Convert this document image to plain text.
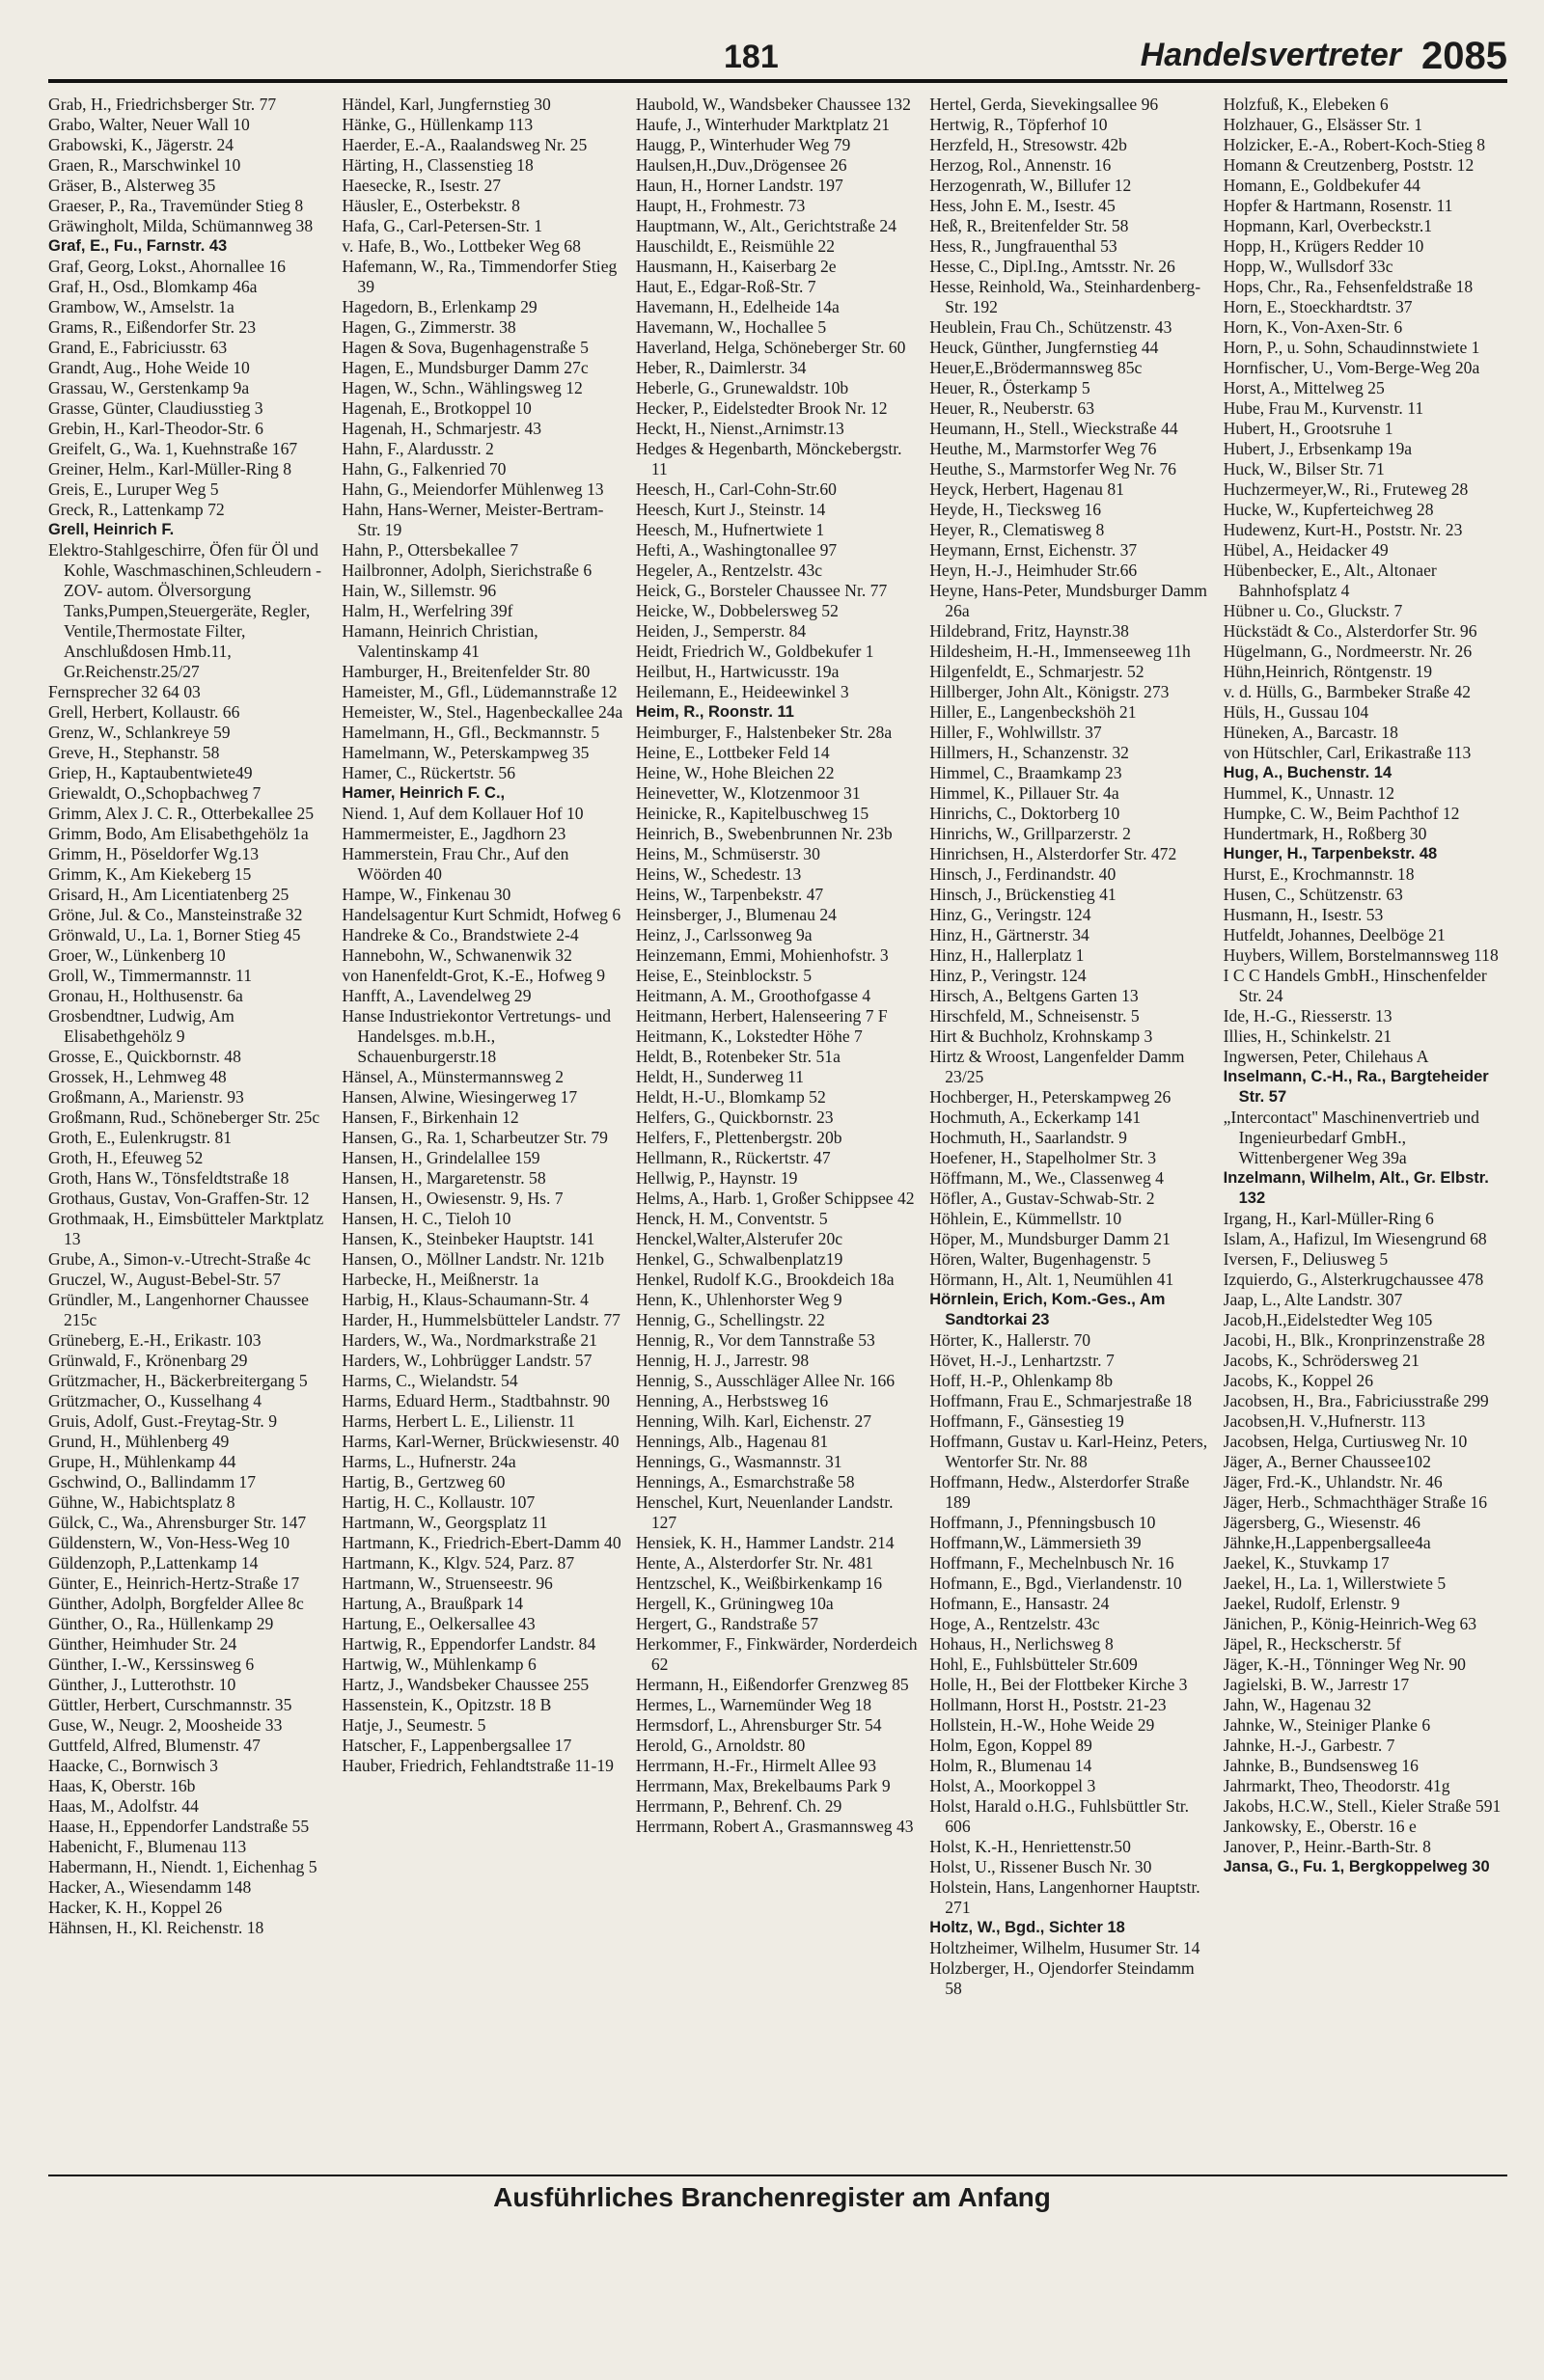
181	Handelsvertreter 2085

Grab, H., Friedrichsberger Str. 77

Grabo, Walter, Neuer Wall 10

Grabowski, K., Jägerstr. 24

Graen, R., Marschwinkel 10

Gräser, B., Alsterweg 35

Graeser, P., Ra., Travemünder Stieg 8

Gräwingholt, Milda, Schümannweg 38

Graf, E., Fu., Farnstr. 43

Graf, Georg, Lokst., Ahornallee 16

Graf, H., Osd., Blomkamp 46a

Grambow, W., Amselstr. 1a

Grams, R., Eißendorfer Str. 23

Grand, E., Fabriciusstr. 63

Grandt, Aug., Hohe Weide 10

Grassau, W., Gerstenkamp 9a

Grasse, Günter, Claudiusstieg 3

Grebin, H., Karl-Theodor-Str. 6

Greifelt, G., Wa. 1, Kuehnstraße 167

Greiner, Helm., Karl-Müller-Ring 8

Greis, E., Luruper Weg 5

Greck, R., Lattenkamp 72

Grell, Heinrich F.

Elektro-Stahlgeschirre, Öfen für Öl und Kohle, Waschmaschinen,Schleudern -ZOV- autom. Ölversorgung Tanks,Pumpen,Steuergeräte, Regler, Ventile,Thermostate Filter, Anschlußdosen Hmb.11, Gr.Reichenstr.25/27

Fernsprecher 32 64 03

Grell, Herbert, Kollaustr. 66

Grenz, W., Schlankreye 59

Greve, H., Stephanstr. 58

Griep, H., Kaptaubentwiete49

Griewaldt, O.,Schopbachweg 7

Grimm, Alex J. C. R., Otterbekallee 25

Grimm, Bodo, Am Elisabethgehölz 1a

Grimm, H., Pöseldorfer Wg.13

Grimm, K., Am Kiekeberg 15

Grisard, H., Am Licentiatenberg 25

Gröne, Jul. & Co., Mansteinstraße 32

Grönwald, U., La. 1, Borner Stieg 45

Groer, W., Lünkenberg 10

Groll, W., Timmermannstr. 11

Gronau, H., Holthusenstr. 6a

Grosbendtner, Ludwig, Am Elisabethgehölz 9

Grosse, E., Quickbornstr. 48

Grossek, H., Lehmweg 48

Großmann, A., Marienstr. 93

Großmann, Rud., Schöneberger Str. 25c

Groth, E., Eulenkrugstr. 81

Groth, H., Efeuweg 52

Groth, Hans W., Tönsfeldtstraße 18

Grothaus, Gustav, Von-Graffen-Str. 12

Grothmaak, H., Eimsbütteler Marktplatz 13

Grube, A., Simon-v.-Utrecht-Straße 4c

Gruczel, W., August-Bebel-Str. 57

Gründler, M., Langenhorner Chaussee 215c

Grüneberg, E.-H., Erikastr. 103

Grünwald, F., Krönenbarg 29

Grützmacher, H., Bäckerbreitergang 5

Grützmacher, O., Kusselhang 4

Gruis, Adolf, Gust.-Freytag-Str. 9

Grund, H., Mühlenberg 49

Grupe, H., Mühlenkamp 44

Gschwind, O., Ballindamm 17

Gühne, W., Habichtsplatz 8

Gülck, C., Wa., Ahrensburger Str. 147

Güldenstern, W., Von-Hess-Weg 10

Güldenzoph, P.,Lattenkamp 14

Günter, E., Heinrich-Hertz-Straße 17

Günther, Adolph, Borgfelder Allee 8c

Günther, O., Ra., Hüllenkamp 29

Günther, Heimhuder Str. 24

Günther, I.-W., Kerssinsweg 6

Günther, J., Lutterothstr. 10

Güttler, Herbert, Curschmannstr. 35

Guse, W., Neugr. 2, Moosheide 33

Guttfeld, Alfred, Blumenstr. 47

Haacke, C., Bornwisch 3

Haas, K, Oberstr. 16b

Haas, M., Adolfstr. 44

Haase, H., Eppendorfer Landstraße 55

Habenicht, F., Blumenau 113

Habermann, H., Niendt. 1, Eichenhag 5

Hacker, A., Wiesendamm 148

Hacker, K. H., Koppel 26

Hähnsen, H., Kl. Reichenstr. 18

Händel, Karl, Jungfernstieg 30

Hänke, G., Hüllenkamp 113

Haerder, E.-A., Raalandsweg Nr. 25

Härting, H., Classenstieg 18

Haesecke, R., Isestr. 27

Häusler, E., Osterbekstr. 8

Hafa, G., Carl-Petersen-Str. 1

v. Hafe, B., Wo., Lottbeker Weg 68

Hafemann, W., Ra., Timmendorfer Stieg 39

Hagedorn, B., Erlenkamp 29

Hagen, G., Zimmerstr. 38

Hagen & Sova, Bugenhagenstraße 5

Hagen, E., Mundsburger Damm 27c

Hagen, W., Schn., Wählingsweg 12

Hagenah, E., Brotkoppel 10

Hagenah, H., Schmarjestr. 43

Hahn, F., Alardusstr. 2

Hahn, G., Falkenried 70

Hahn, G., Meiendorfer Mühlenweg 13

Hahn, Hans-Werner, Meister-Bertram-Str. 19

Hahn, P., Ottersbekallee 7

Hailbronner, Adolph, Sierichstraße 6

Hain, W., Sillemstr. 96

Halm, H., Werfelring 39f

Hamann, Heinrich Christian, Valentinskamp 41

Hamburger, H., Breitenfelder Str. 80

Hameister, M., Gfl., Lüdemannstraße 12

Hemeister, W., Stel., Hagenbeckallee 24a

Hamelmann, H., Gfl., Beckmannstr. 5

Hamelmann, W., Peterskampweg 35

Hamer, C., Rückertstr. 56

Hamer, Heinrich F. C.,

Niend. 1, Auf dem Kollauer Hof 10

Hammermeister, E., Jagdhorn 23

Hammerstein, Frau Chr., Auf den Wöörden 40

Hampe, W., Finkenau 30

Handelsagentur Kurt Schmidt, Hofweg 6

Handreke & Co., Brandstwiete 2-4

Hannebohn, W., Schwanenwik 32

von Hanenfeldt-Grot, K.-E., Hofweg 9

Hanfft, A., Lavendelweg 29

Hanse Industriekontor Vertretungs- und Handelsges. m.b.H., Schauenburgerstr.18

Hänsel, A., Münstermannsweg 2

Hansen, Alwine, Wiesingerweg 17

Hansen, F., Birkenhain 12

Hansen, G., Ra. 1, Scharbeutzer Str. 79

Hansen, H., Grindelallee 159

Hansen, H., Margaretenstr. 58

Hansen, H., Owiesenstr. 9, Hs. 7

Hansen, H. C., Tieloh 10

Hansen, K., Steinbeker Hauptstr. 141

Hansen, O., Möllner Landstr. Nr. 121b

Harbecke, H., Meißnerstr. 1a

Harbig, H., Klaus-Schaumann-Str. 4

Harder, H., Hummelsbütteler Landstr. 77

Harders, W., Wa., Nordmarkstraße 21

Harders, W., Lohbrügger Landstr. 57

Harms, C., Wielandstr. 54

Harms, Eduard Herm., Stadtbahnstr. 90

Harms, Herbert L. E., Lilienstr. 11

Harms, Karl-Werner, Brückwiesenstr. 40

Harms, L., Hufnerstr. 24a

Hartig, B., Gertzweg 60

Hartig, H. C., Kollaustr. 107

Hartmann, W., Georgsplatz 11

Hartmann, K., Friedrich-Ebert-Damm 40

Hartmann, K., Klgv. 524, Parz. 87

Hartmann, W., Struenseestr. 96

Hartung, A., Braußpark 14

Hartung, E., Oelkersallee 43

Hartwig, R., Eppendorfer Landstr. 84

Hartwig, W., Mühlenkamp 6

Hartz, J., Wandsbeker Chaussee 255

Hassenstein, K., Opitzstr. 18 B

Hatje, J., Seumestr. 5

Hatscher, F., Lappenbergsallee 17

Hauber, Friedrich, Fehlandtstraße 11-19

Haubold, W., Wandsbeker Chaussee 132

Haufe, J., Winterhuder Marktplatz 21

Haugg, P., Winterhuder Weg 79

Haulsen,H.,Duv.,Drögensee 26

Haun, H., Horner Landstr. 197

Haupt, H., Frohmestr. 73

Hauptmann, W., Alt., Gerichtstraße 24

Hauschildt, E., Reismühle 22

Hausmann, H., Kaiserbarg 2e

Haut, E., Edgar-Roß-Str. 7

Havemann, H., Edelheide 14a

Havemann, W., Hochallee 5

Haverland, Helga, Schöneberger Str. 60

Heber, R., Daimlerstr. 34

Heberle, G., Grunewaldstr. 10b

Hecker, P., Eidelstedter Brook Nr. 12

Heckt, H., Nienst.,Arnimstr.13

Hedges & Hegenbarth, Mönckebergstr. 11

Heesch, H., Carl-Cohn-Str.60

Heesch, Kurt J., Steinstr. 14

Heesch, M., Hufnertwiete 1

Hefti, A., Washingtonallee 97

Hegeler, A., Rentzelstr. 43c

Heick, G., Borsteler Chaussee Nr. 77

Heicke, W., Dobbelersweg 52

Heiden, J., Semperstr. 84

Heidt, Friedrich W., Goldbekufer 1

Heilbut, H., Hartwicusstr. 19a

Heilemann, E., Heideewinkel 3

Heim, R., Roonstr. 11

Heimburger, F., Halstenbeker Str. 28a

Heine, E., Lottbeker Feld 14

Heine, W., Hohe Bleichen 22

Heinevetter, W., Klotzenmoor 31

Heinicke, R., Kapitelbuschweg 15

Heinrich, B., Swebenbrunnen Nr. 23b

Heins, M., Schmüserstr. 30

Heins, W., Schedestr. 13

Heins, W., Tarpenbekstr. 47

Heinsberger, J., Blumenau 24

Heinz, J., Carlssonweg 9a

Heinzemann, Emmi, Mohienhofstr. 3

Heise, E., Steinblockstr. 5

Heitmann, A. M., Groothofgasse 4

Heitmann, Herbert, Halenseering 7 F

Heitmann, K., Lokstedter Höhe 7

Heldt, B., Rotenbeker Str. 51a

Heldt, H., Sunderweg 11

Heldt, H.-U., Blomkamp 52

Helfers, G., Quickbornstr. 23

Helfers, F., Plettenbergstr. 20b

Hellmann, R., Rückertstr. 47

Hellwig, P., Haynstr. 19

Helms, A., Harb. 1, Großer Schippsee 42

Henck, H. M., Conventstr. 5

Henckel,Walter,Alsterufer 20c

Henkel, G., Schwalbenplatz19

Henkel, Rudolf K.G., Brookdeich 18a

Henn, K., Uhlenhorster Weg 9

Hennig, G., Schellingstr. 22

Hennig, R., Vor dem Tannstraße 53

Hennig, H. J., Jarrestr. 98

Hennig, S., Ausschläger Allee Nr. 166

Henning, A., Herbstsweg 16

Henning, Wilh. Karl, Eichenstr. 27

Hennings, Alb., Hagenau 81

Hennings, G., Wasmannstr. 31

Hennings, A., Esmarchstraße 58

Henschel, Kurt, Neuenlander Landstr. 127

Hensiek, K. H., Hammer Landstr. 214

Hente, A., Alsterdorfer Str. Nr. 481

Hentzschel, K., Weißbirkenkamp 16

Hergell, K., Grüningweg 10a

Hergert, G., Randstraße 57

Herkommer, F., Finkwärder, Norderdeich 62

Hermann, H., Eißendorfer Grenzweg 85

Hermes, L., Warnemünder Weg 18

Hermsdorf, L., Ahrensburger Str. 54

Herold, G., Arnoldstr. 80

Herrmann, H.-Fr., Hirmelt Allee 93

Herrmann, Max, Brekelbaums Park 9

Herrmann, P., Behrenf. Ch. 29

Herrmann, Robert A., Grasmannsweg 43

Hertel, Gerda, Sievekingsallee 96

Hertwig, R., Töpferhof 10

Herzfeld, H., Stresowstr. 42b

Herzog, Rol., Annenstr. 16

Herzogenrath, W., Billufer 12

Hess, John E. M., Isestr. 45

Heß, R., Breitenfelder Str. 58

Hess, R., Jungfrauenthal 53

Hesse, C., Dipl.Ing., Amtsstr. Nr. 26

Hesse, Reinhold, Wa., Steinhardenberg-Str. 192

Heublein, Frau Ch., Schützenstr. 43

Heuck, Günther, Jungfernstieg 44

Heuer,E.,Brödermannsweg 85c

Heuer, R., Österkamp 5

Heuer, R., Neuberstr. 63

Heumann, H., Stell., Wieckstraße 44

Heuthe, M., Marmstorfer Weg 76

Heuthe, S., Marmstorfer Weg Nr. 76

Heyck, Herbert, Hagenau 81

Heyde, H., Tiecksweg 16

Heyer, R., Clematisweg 8

Heymann, Ernst, Eichenstr. 37

Heyn, H.-J., Heimhuder Str.66

Heyne, Hans-Peter, Mundsburger Damm 26a

Hildebrand, Fritz, Haynstr.38

Hildesheim, H.-H., Immenseeweg 11h

Hilgenfeldt, E., Schmarjestr. 52

Hillberger, John Alt., Königstr. 273

Hiller, E., Langenbeckshöh 21

Hiller, F., Wohlwillstr. 37

Hillmers, H., Schanzenstr. 32

Himmel, C., Braamkamp 23

Himmel, K., Pillauer Str. 4a

Hinrichs, C., Doktorberg 10

Hinrichs, W., Grillparzerstr. 2

Hinrichsen, H., Alsterdorfer Str. 472

Hinsch, J., Ferdinandstr. 40

Hinsch, J., Brückenstieg 41

Hinz, G., Veringstr. 124

Hinz, H., Gärtnerstr. 34

Hinz, H., Hallerplatz 1

Hinz, P., Veringstr. 124

Hirsch, A., Beltgens Garten 13

Hirschfeld, M., Schneisenstr. 5

Hirt & Buchholz, Krohnskamp 3

Hirtz & Wroost, Langenfelder Damm 23/25

Hochberger, H., Peterskampweg 26

Hochmuth, A., Eckerkamp 141

Hochmuth, H., Saarlandstr. 9

Hoefener, H., Stapelholmer Str. 3

Höffmann, M., We., Classenweg 4

Höfler, A., Gustav-Schwab-Str. 2

Höhlein, E., Kümmellstr. 10

Höper, M., Mundsburger Damm 21

Hören, Walter, Bugenhagenstr. 5

Hörmann, H., Alt. 1, Neumühlen 41

Hörnlein, Erich, Kom.-Ges., Am Sandtorkai 23

Hörter, K., Hallerstr. 70

Hövet, H.-J., Lenhartzstr. 7

Hoff, H.-P., Ohlenkamp 8b

Hoffmann, Frau E., Schmarjestraße 18

Hoffmann, F., Gänsestieg 19

Hoffmann, Gustav u. Karl-Heinz, Peters, Wentorfer Str. Nr. 88

Hoffmann, Hedw., Alsterdorfer Straße 189

Hoffmann, J., Pfenningsbusch 10

Hoffmann,W., Lämmersieth 39

Hoffmann, F., Mechelnbusch Nr. 16

Hofmann, E., Bgd., Vierlandenstr. 10

Hofmann, E., Hansastr. 24

Hoge, A., Rentzelstr. 43c

Hohaus, H., Nerlichsweg 8

Hohl, E., Fuhlsbütteler Str.609

Holle, H., Bei der Flottbeker Kirche 3

Hollmann, Horst H., Poststr. 21-23

Hollstein, H.-W., Hohe Weide 29

Holm, Egon, Koppel 89

Holm, R., Blumenau 14

Holst, A., Moorkoppel 3

Holst, Harald o.H.G., Fuhlsbüttler Str. 606

Holst, K.-H., Henriettenstr.50

Holst, U., Rissener Busch Nr. 30

Holstein, Hans, Langenhorner Hauptstr. 271

Holtz, W., Bgd., Sichter 18

Holtzheimer, Wilhelm, Husumer Str. 14

Holzberger, H., Ojendorfer Steindamm 58

Holzfuß, K., Elebeken 6

Holzhauer, G., Elsässer Str. 1

Holzicker, E.-A., Robert-Koch-Stieg 8

Homann & Creutzenberg, Poststr. 12

Homann, E., Goldbekufer 44

Hopfer & Hartmann, Rosenstr. 11

Hopmann, Karl, Overbeckstr.1

Hopp, H., Krügers Redder 10

Hopp, W., Wullsdorf 33c

Hops, Chr., Ra., Fehsenfeldstraße 18

Horn, E., Stoeckhardtstr. 37

Horn, K., Von-Axen-Str. 6

Horn, P., u. Sohn, Schaudinnstwiete 1

Hornfischer, U., Vom-Berge-Weg 20a

Horst, A., Mittelweg 25

Hube, Frau M., Kurvenstr. 11

Hubert, H., Grootsruhe 1

Hubert, J., Erbsenkamp 19a

Huck, W., Bilser Str. 71

Huchzermeyer,W., Ri., Fruteweg 28

Hucke, W., Kupferteichweg 28

Hudewenz, Kurt-H., Poststr. Nr. 23

Hübel, A., Heidacker 49

Hübenbecker, E., Alt., Altonaer Bahnhofsplatz 4

Hübner u. Co., Gluckstr. 7

Hückstädt & Co., Alsterdorfer Str. 96

Hügelmann, G., Nordmeerstr. Nr. 26

Hühn,Heinrich, Röntgenstr. 19

v. d. Hülls, G., Barmbeker Straße 42

Hüls, H., Gussau 104

Hüneken, A., Barcastr. 18

von Hütschler, Carl, Erikastraße 113

Hug, A., Buchenstr. 14

Hummel, K., Unnastr. 12

Humpke, C. W., Beim Pachthof 12

Hundertmark, H., Roßberg 30

Hunger, H., Tarpenbekstr. 48

Hurst, E., Krochmannstr. 18

Husen, C., Schützenstr. 63

Husmann, H., Isestr. 53

Hutfeldt, Johannes, Deelböge 21

Huybers, Willem, Borstelmannsweg 118

I C C Handels GmbH., Hinschenfelder Str. 24

Ide, H.-G., Riesserstr. 13

Illies, H., Schinkelstr. 21

Ingwersen, Peter, Chilehaus A

Inselmann, C.-H., Ra., Bargteheider Str. 57

„Intercontact'' Maschinenvertrieb und Ingenieurbedarf GmbH., Wittenbergener Weg 39a

Inzelmann, Wilhelm, Alt., Gr. Elbstr. 132

Irgang, H., Karl-Müller-Ring 6

Islam, A., Hafizul, Im Wiesengrund 68

Iversen, F., Deliusweg 5

Izquierdo, G., Alsterkrugchaussee 478

Jaap, L., Alte Landstr. 307

Jacob,H.,Eidelstedter Weg 105

Jacobi, H., Blk., Kronprinzenstraße 28

Jacobs, K., Schrödersweg 21

Jacobs, K., Koppel 26

Jacobsen, H., Bra., Fabriciusstraße 299

Jacobsen,H. V.,Hufnerstr. 113

Jacobsen, Helga, Curtiusweg Nr. 10

Jäger, A., Berner Chaussee102

Jäger, Frd.-K., Uhlandstr. Nr. 46

Jäger, Herb., Schmachthäger Straße 16

Jägersberg, G., Wiesenstr. 46

Jähnke,H.,Lappenbergsallee4a

Jaekel, K., Stuvkamp 17

Jaekel, H., La. 1, Willerstwiete 5

Jaekel, Rudolf, Erlenstr. 9

Jänichen, P., König-Heinrich-Weg 63

Jäpel, R., Heckscherstr. 5f

Jäger, K.-H., Tönninger Weg Nr. 90

Jagielski, B. W., Jarrestr 17

Jahn, W., Hagenau 32

Jahnke, W., Steiniger Planke 6

Jahnke, H.-J., Garbestr. 7

Jahnke, B., Bundsensweg 16

Jahrmarkt, Theo, Theodorstr. 41g

Jakobs, H.C.W., Stell., Kieler Straße 591

Jankowsky, E., Oberstr. 16 e

Janover, P., Heinr.-Barth-Str. 8

Jansa, G., Fu. 1, Bergkoppelweg 30

Ausführliches Branchenregister am Anfang
